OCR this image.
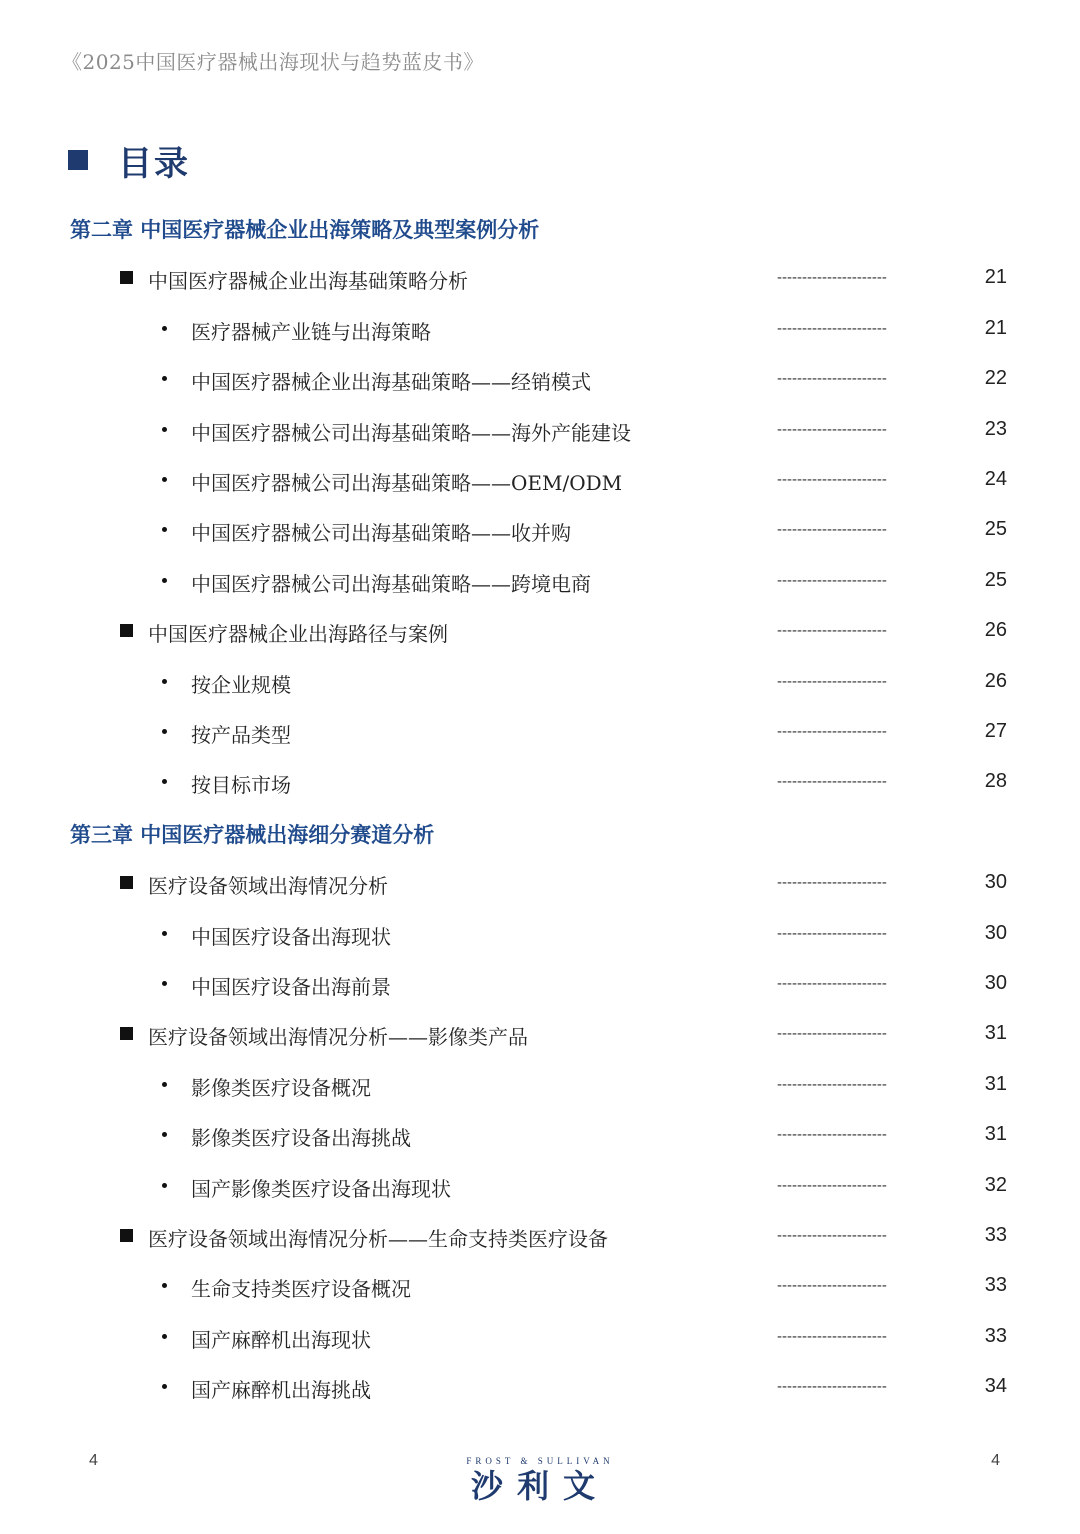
《2025中国医疗器械出海现状与趋势蓝皮书》
目录
第二章 中国医疗器械企业出海策略及典型案例分析
中国医疗器械企业出海基础策略分析	----------------------	21
医疗器械产业链与出海策略	----------------------	21
中国医疗器械企业出海基础策略——经销模式	----------------------	22
中国医疗器械公司出海基础策略——海外产能建设	----------------------	23
中国医疗器械公司出海基础策略——OEM/ODM	----------------------	24
中国医疗器械公司出海基础策略——收并购	----------------------	25
中国医疗器械公司出海基础策略——跨境电商	----------------------	25
中国医疗器械企业出海路径与案例	----------------------	26
按企业规模	----------------------	26
按产品类型	----------------------	27
按目标市场	----------------------	28
第三章 中国医疗器械出海细分赛道分析
医疗设备领域出海情况分析	----------------------	30
中国医疗设备出海现状	----------------------	30
中国医疗设备出海前景	----------------------	30
医疗设备领域出海情况分析——影像类产品	----------------------	31
影像类医疗设备概况	----------------------	31
影像类医疗设备出海挑战	----------------------	31
国产影像类医疗设备出海现状	----------------------	32
医疗设备领域出海情况分析——生命支持类医疗设备	----------------------	33
生命支持类医疗设备概况	----------------------	33
国产麻醉机出海现状	----------------------	33
国产麻醉机出海挑战	----------------------	34
4	FROST & SULLIVAN
沙利文
4
